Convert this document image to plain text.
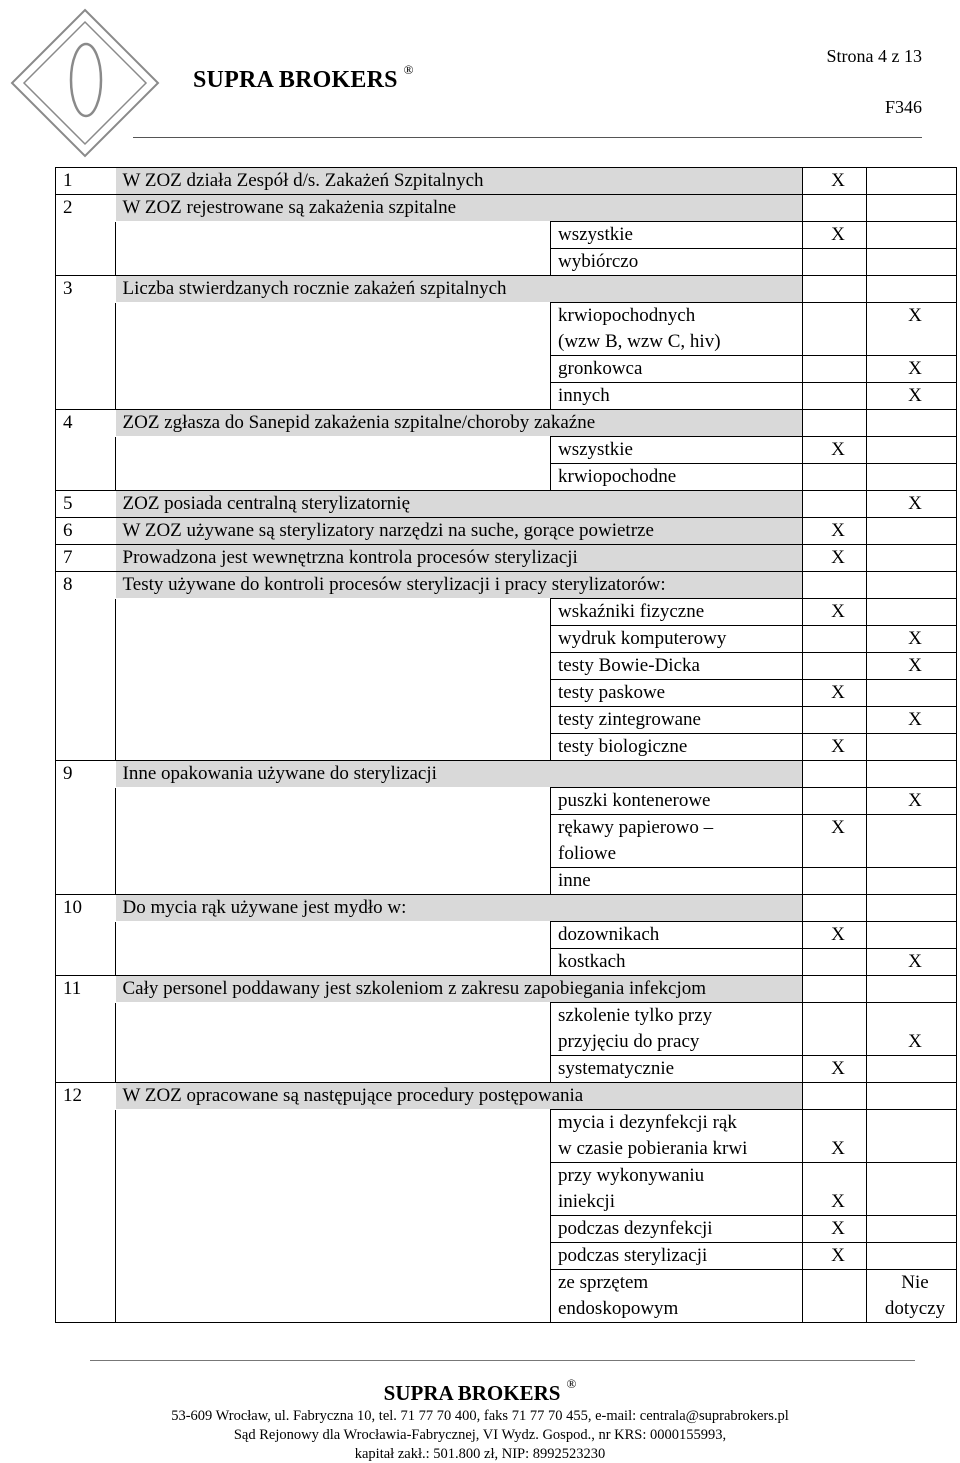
SUPRA BROKERS ®
Strona 4 z 13
F346
1	W ZOZ działa Zespół d/s. Zakażeń Szpitalnych		X	
2	W ZOZ rejestrowane są zakażenia szpitalne			
		wszystkie	X	
		wybiórczo		
3	Liczba stwierdzanych rocznie zakażeń szpitalnych			
		krwiopochodnych		X
		(wzw B, wzw C, hiv)		
		gronkowca		X
		innych		X
4	ZOZ zgłasza do Sanepid zakażenia szpitalne/choroby zakaźne			
		wszystkie	X	
		krwiopochodne		
5	ZOZ posiada centralną sterylizatornię			X
6	W ZOZ używane są sterylizatory narzędzi na suche, gorące powietrze		X	
7	Prowadzona jest wewnętrzna kontrola procesów sterylizacji		X	
8	Testy używane do kontroli procesów sterylizacji i pracy sterylizatorów:			
		wskaźniki fizyczne	X	
		wydruk komputerowy		X
		testy Bowie-Dicka		X
		testy paskowe	X	
		testy zintegrowane		X
		testy biologiczne	X	
9	Inne opakowania używane do sterylizacji			
		puszki kontenerowe		X
		rękawy papierowo –	X	
		foliowe		
		inne		
10	Do mycia rąk używane jest mydło w:			
		dozownikach	X	
		kostkach		X
11	Cały personel poddawany jest szkoleniom z zakresu zapobiegania infekcjom			
		szkolenie tylko przy		
		przyjęciu do pracy		X
		systematycznie	X	
12	W ZOZ opracowane są następujące procedury postępowania			
		mycia i dezynfekcji rąk		
		w czasie pobierania krwi	X	
		przy wykonywaniu		
		iniekcji	X	
		podczas dezynfekcji	X	
		podczas sterylizacji	X	
		ze sprzętem		Nie
		endoskopowym		dotyczy
SUPRA BROKERS ®
53-609 Wrocław, ul. Fabryczna 10, tel. 71 77 70 400, faks 71 77 70 455, e-mail: centrala@suprabrokers.pl
Sąd Rejonowy dla Wrocławia-Fabrycznej, VI Wydz. Gospod., nr KRS: 0000155993,
kapitał zakł.: 501.800 zł, NIP: 8992523230
